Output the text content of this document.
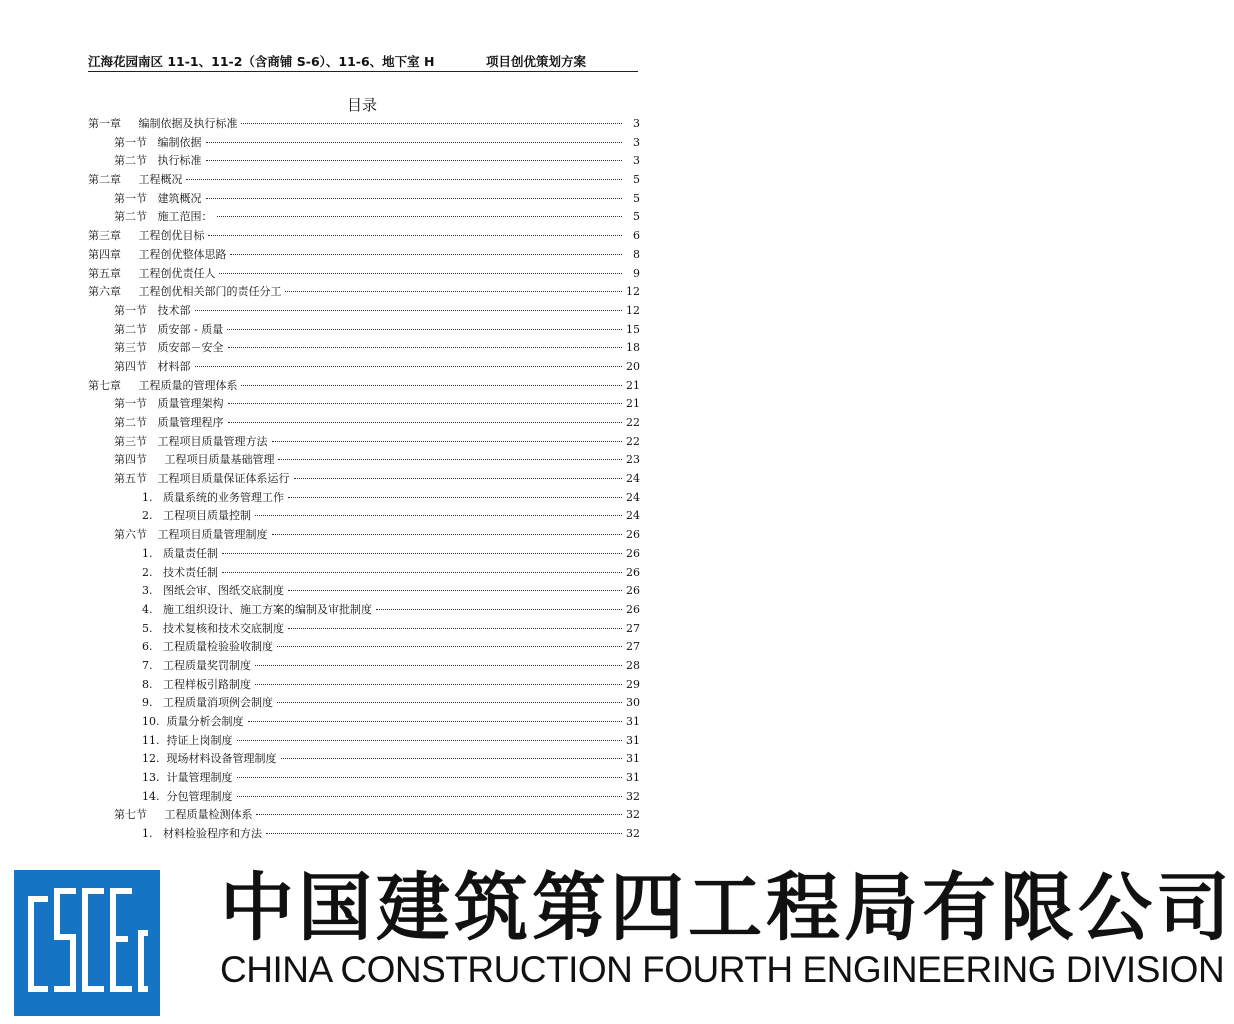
江海花园南区 11-1、11-2（含商铺 S-6）、11-6、地下室 H	项目创优策划方案
目录
第一章     编制依据及执行标准	3
第一节   编制依据	3
第二节   执行标准	3
第二章     工程概况	5
第一节   建筑概况	5
第二节   施工范围：	5
第三章     工程创优目标	6
第四章     工程创优整体思路	8
第五章     工程创优责任人	9
第六章     工程创优相关部门的责任分工	12
第一节   技术部	12
第二节   质安部 - 质量	15
第三节   质安部－安全	18
第四节   材料部	20
第七章     工程质量的管理体系	21
第一节   质量管理架构	21
第二节   质量管理程序	22
第三节   工程项目质量管理方法	22
第四节     工程项目质量基础管理	23
第五节   工程项目质量保证体系运行	24
1.   质量系统的业务管理工作	24
2.   工程项目质量控制	24
第六节   工程项目质量管理制度	26
1.   质量责任制	26
2.   技术责任制	26
3.   图纸会审、图纸交底制度	26
4.   施工组织设计、施工方案的编制及审批制度	26
5.   技术复核和技术交底制度	27
6.   工程质量检验验收制度	27
7.   工程质量奖罚制度	28
8.   工程样板引路制度	29
9.   工程质量消项例会制度	30
10.  质量分析会制度	31
11.  持证上岗制度	31
12.  现场材料设备管理制度	31
13.  计量管理制度	31
14.  分包管理制度	32
第七节     工程质量检测体系	32
1.   材料检验程序和方法	32
中国建筑第四工程局有限公司
CHINA CONSTRUCTION FOURTH ENGINEERING DIVISION
